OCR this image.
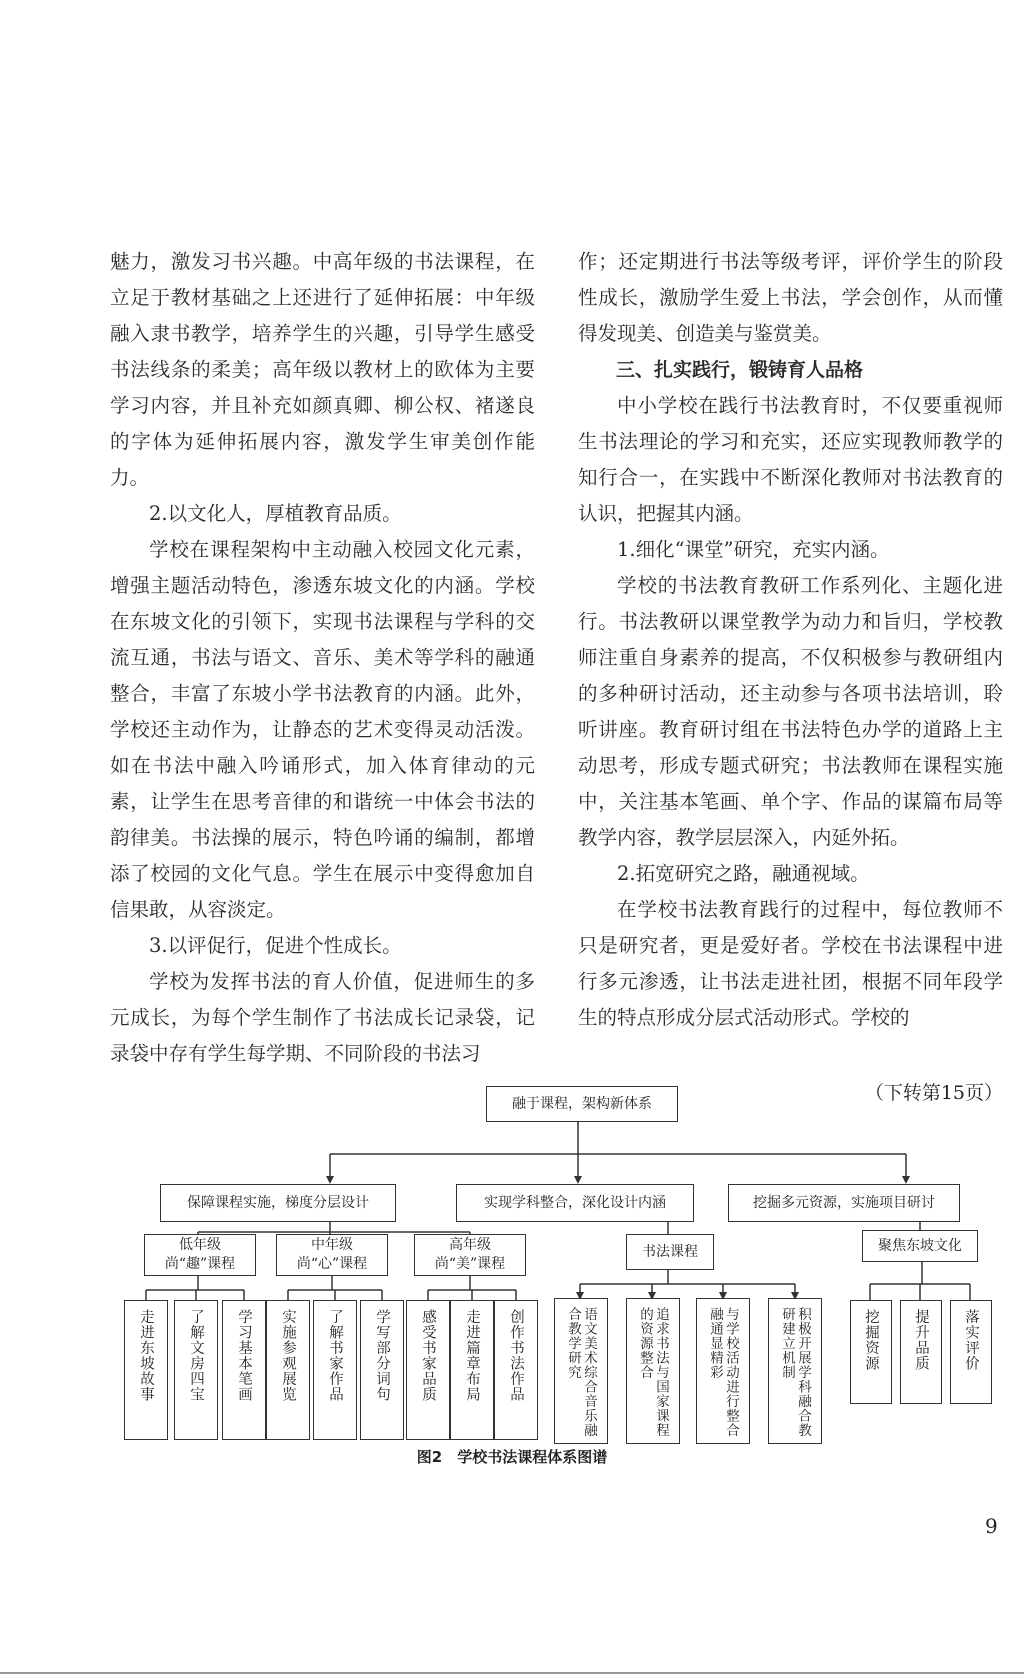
魅力，激发习书兴趣。中高年级的书法课程，在立足于教材基础之上还进行了延伸拓展：中年级融入隶书教学，培养学生的兴趣，引导学生感受书法线条的柔美；高年级以教材上的欧体为主要学习内容，并且补充如颜真卿、柳公权、褚遂良的字体为延伸拓展内容，激发学生审美创作能力。

2.以文化人，厚植教育品质。

学校在课程架构中主动融入校园文化元素，增强主题活动特色，渗透东坡文化的内涵。学校在东坡文化的引领下，实现书法课程与学科的交流互通，书法与语文、音乐、美术等学科的融通整合，丰富了东坡小学书法教育的内涵。此外，学校还主动作为，让静态的艺术变得灵动活泼。如在书法中融入吟诵形式，加入体育律动的元素，让学生在思考音律的和谐统一中体会书法的韵律美。书法操的展示，特色吟诵的编制，都增添了校园的文化气息。学生在展示中变得愈加自信果敢，从容淡定。

3.以评促行，促进个性成长。

学校为发挥书法的育人价值，促进师生的多元成长，为每个学生制作了书法成长记录袋，记录袋中存有学生每学期、不同阶段的书法习

作；还定期进行书法等级考评，评价学生的阶段性成长，激励学生爱上书法，学会创作，从而懂得发现美、创造美与鉴赏美。

三、扎实践行，锻铸育人品格

中小学校在践行书法教育时，不仅要重视师生书法理论的学习和充实，还应实现教师教学的知行合一，在实践中不断深化教师对书法教育的认识，把握其内涵。

1.细化“课堂”研究，充实内涵。

学校的书法教育教研工作系列化、主题化进行。书法教研以课堂教学为动力和旨归，学校教师注重自身素养的提高，不仅积极参与教研组内的多种研讨活动，还主动参与各项书法培训，聆听讲座。教育研讨组在书法特色办学的道路上主动思考，形成专题式研究；书法教师在课程实施中，关注基本笔画、单个字、作品的谋篇布局等教学内容，教学层层深入，内延外拓。

2.拓宽研究之路，融通视域。

在学校书法教育践行的过程中，每位教师不只是研究者，更是爱好者。学校在书法课程中进行多元渗透，让书法走进社团，根据不同年段学生的特点形成分层式活动形式。学校的

（下转第15页）
融于课程，架构新体系
保障课程实施，梯度分层设计	实现学科整合，深化设计内涵	挖掘多元资源，实施项目研讨
低年级
尚“趣”课程
中年级
尚“心”课程
高年级
尚“美”课程
书法课程	聚焦东坡文化
走进东坡故事 了解文房四宝 学习基本笔画 实施参观展览 了解书家作品 学写部分词句 感受书家品质 走进篇章布局 创作书法作品	语文美术综合音乐融合教学研究	追求书法与国家课程的资源整合	与学校活动进行整合融通显精彩	积极开展学科融合教研建立机制	挖掘资源 提升品质 落实评价
图2　学校书法课程体系图谱
9
